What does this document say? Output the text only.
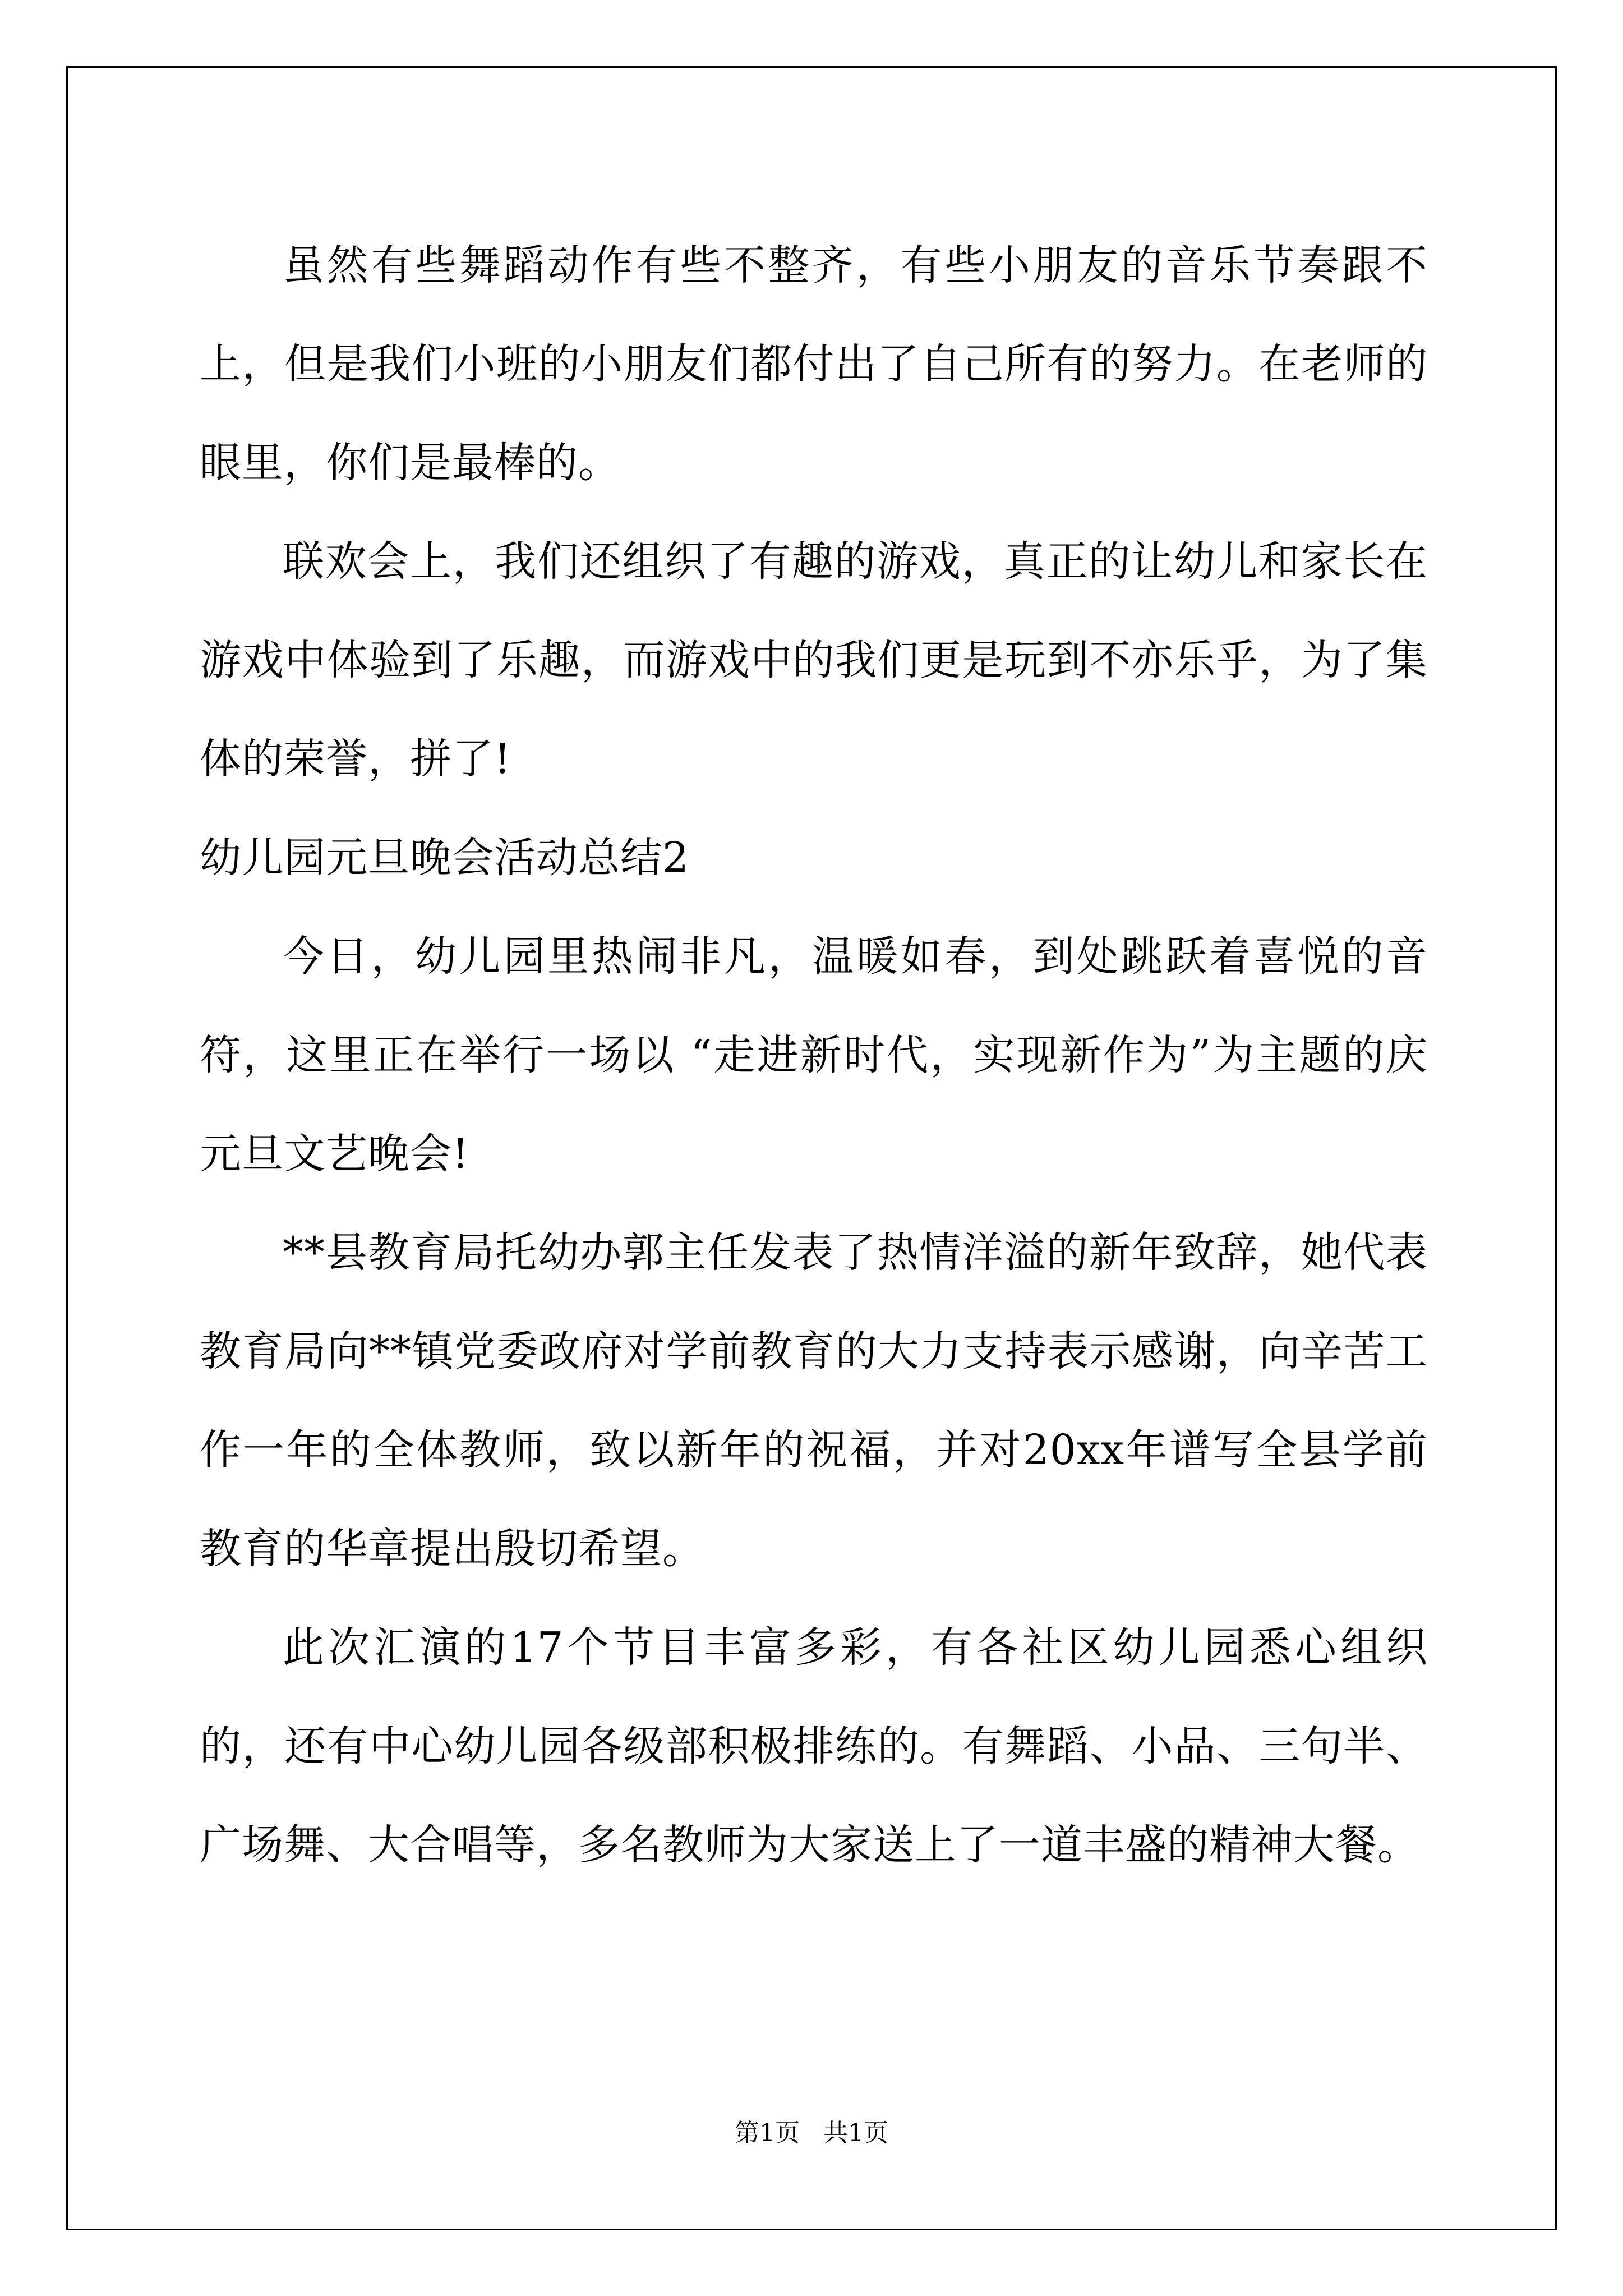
虽然有些舞蹈动作有些不整齐，有些小朋友的音乐节奏跟不上，但是我们小班的小朋友们都付出了自己所有的努力。在老师的眼里，你们是最棒的。

联欢会上，我们还组织了有趣的游戏，真正的让幼儿和家长在游戏中体验到了乐趣，而游戏中的我们更是玩到不亦乐乎，为了集体的荣誉，拼了!

幼儿园元旦晚会活动总结2

今日，幼儿园里热闹非凡，温暖如春，到处跳跃着喜悦的音符，这里正在举行一场以 “走进新时代，实现新作为”为主题的庆元旦文艺晚会!

**县教育局托幼办郭主任发表了热情洋溢的新年致辞，她代表教育局向**镇党委政府对学前教育的大力支持表示感谢，向辛苦工作一年的全体教师，致以新年的祝福，并对20xx年谱写全县学前教育的华章提出殷切希望。

此次汇演的17个节目丰富多彩，有各社区幼儿园悉心组织的，还有中心幼儿园各级部积极排练的。有舞蹈、小品、三句半、广场舞、大合唱等，多名教师为大家送上了一道丰盛的精神大餐。

第1页   共1页
